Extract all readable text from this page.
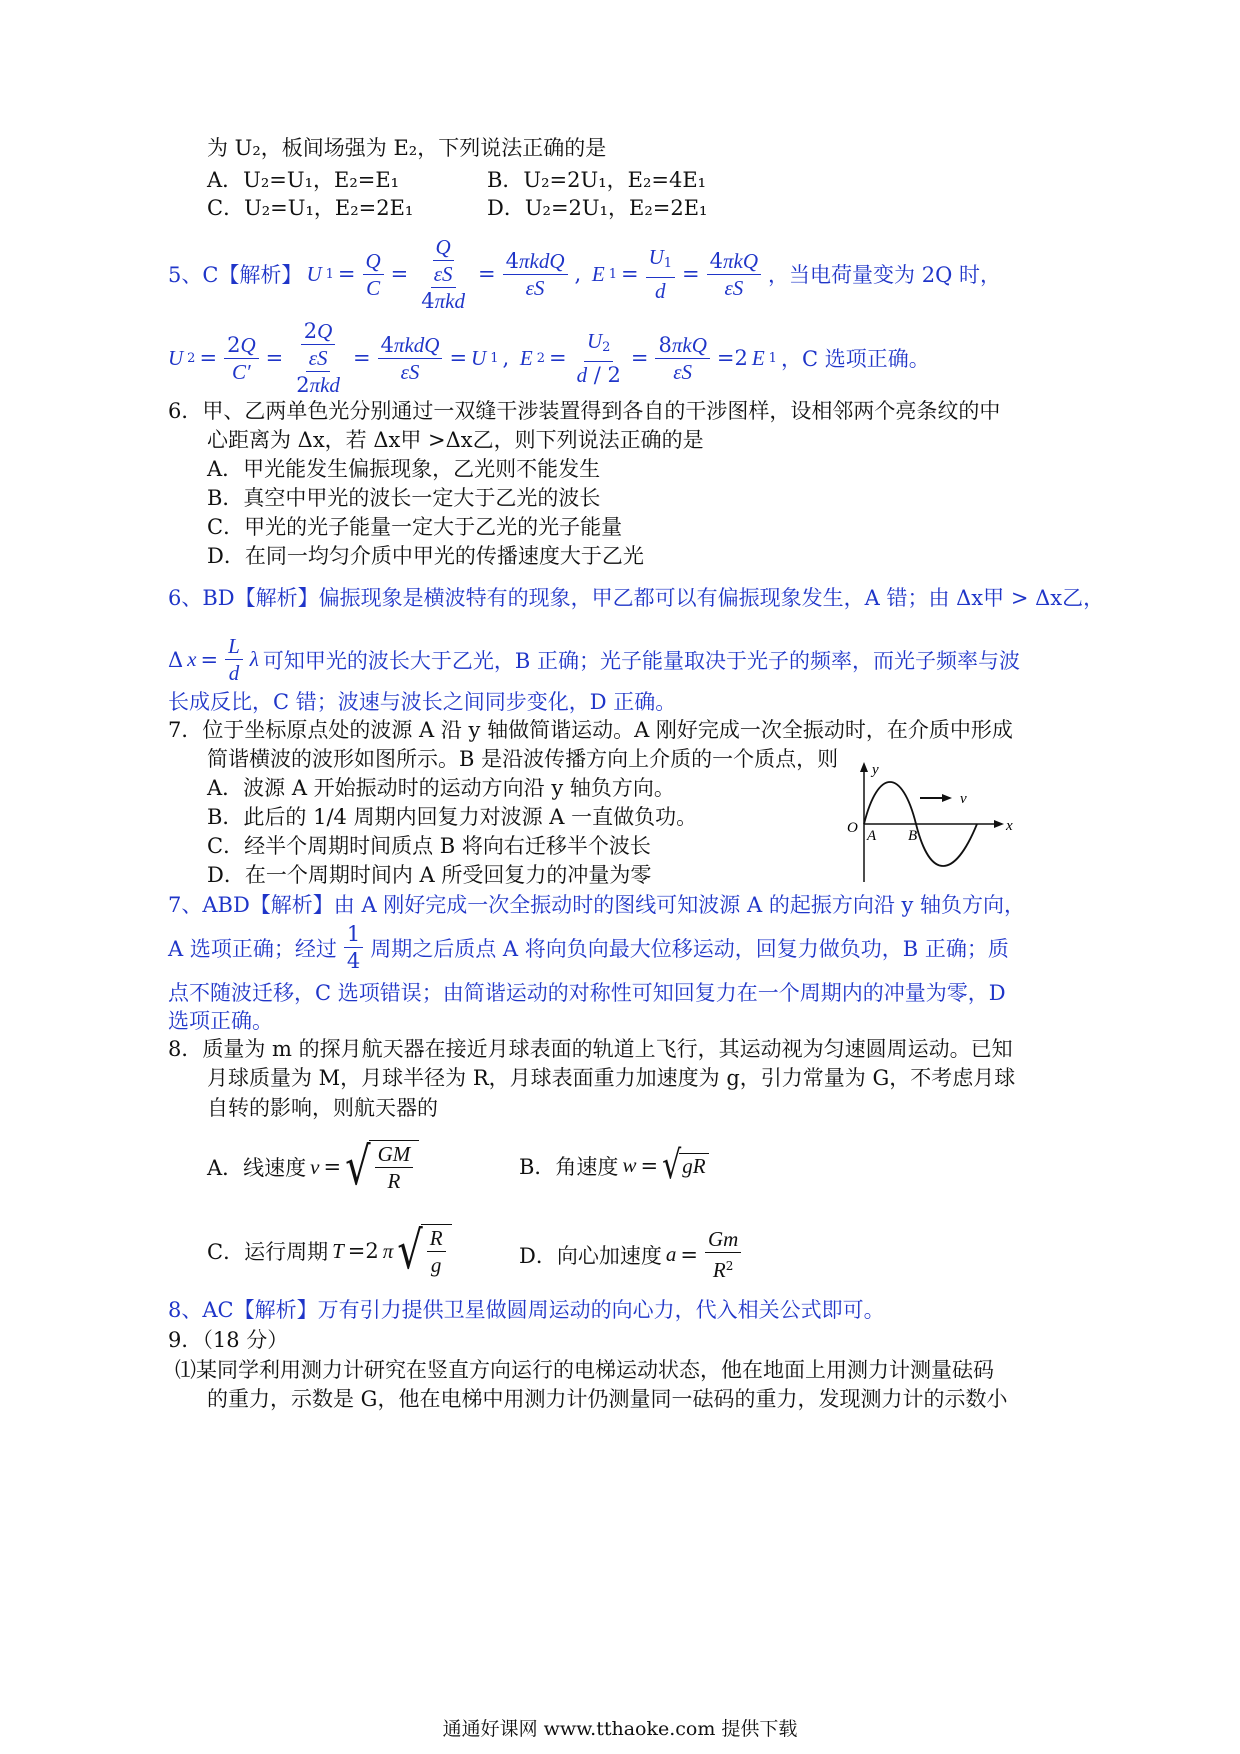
为 U₂，板间场强为 E₂，下列说法正确的是
A．U₂=U₁，E₂=E₁	B．U₂=2U₁，E₂=4E₁
C．U₂=U₁，E₂=2E₁	D．U₂=2U₁，E₂=2E₁
5、C【解析】 U $1 = \frac{Q}{C} = \frac{Q}{\frac{\varepsilon S}{\text{4πkd}}} = \frac{\text{4πkdQ}}{\varepsilon S}$ , E $1 = \frac{U_1}{d} = \frac{\text{4πkQ}}{\varepsilon S}$ ，当电荷量变为 2Q 时，
U $2 = \frac{2Q}{C'} = \frac{2Q}{\frac{\varepsilon S}{\text{2πkd}}} = \frac{\text{4πkdQ}}{\varepsilon S} = U$ 1 , E $2 = \frac{U_2}{d / 2} = \frac{\text{8πkQ}}{\varepsilon S} =2$ E 1 ，C 选项正确。
6．甲、乙两单色光分别通过一双缝干涉装置得到各自的干涉图样，设相邻两个亮条纹的中
心距离为 Δx，若 Δx甲 >Δx乙，则下列说法正确的是
A．甲光能发生偏振现象，乙光则不能发生
B．真空中甲光的波长一定大于乙光的波长
C．甲光的光子能量一定大于乙光的光子能量
D．在同一均匀介质中甲光的传播速度大于乙光
6、BD【解析】偏振现象是横波特有的现象，甲乙都可以有偏振现象发生，A 错；由 Δx甲 > Δx乙，
Δ $x = \frac{L}{d}$ λ 可知甲光的波长大于乙光，B 正确；光子能量取决于光子的频率，而光子频率与波
长成反比，C 错；波速与波长之间同步变化，D 正确。
7．位于坐标原点处的波源 A 沿 y 轴做简谐运动。A 刚好完成一次全振动时，在介质中形成
简谐横波的波形如图所示。B 是沿波传播方向上介质的一个质点，则
A．波源 A 开始振动时的运动方向沿 y 轴负方向。
B．此后的 1/4 周期内回复力对波源 A 一直做负功。
C．经半个周期时间质点 B 将向右迁移半个波长
D．在一个周期时间内 A 所受回复力的冲量为零
y
v
x
O A B
7、ABD【解析】由 A 刚好完成一次全振动时的图线可知波源 A 的起振方向沿 y 轴负方向，
A 选项正确；经过 $\frac{1}{4}$ 周期之后质点 A 将向负向最大位移运动，回复力做负功，B 正确；质
点不随波迁移，C 选项错误；由简谐运动的对称性可知回复力在一个周期内的冲量为零，D
选项正确。
8．质量为 m 的探月航天器在接近月球表面的轨道上飞行，其运动视为匀速圆周运动。已知
月球质量为 M，月球半径为 R，月球表面重力加速度为 g，引力常量为 G，不考虑月球
自转的影响，则航天器的
A．线速度 v = √ $\frac{GM}{R}$	B．角速度 w = √ gR
C．运行周期 T =2 π √ $\frac{R}{g}$	D．向心加速度 $a = \frac{Gm}{R^2}$
8、AC【解析】万有引力提供卫星做圆周运动的向心力，代入相关公式即可。
9．（18 分）
⑴某同学利用测力计研究在竖直方向运行的电梯运动状态，他在地面上用测力计测量砝码
的重力，示数是 G，他在电梯中用测力计仍测量同一砝码的重力，发现测力计的示数小
通通好课网 www.tthaoke.com 提供下载
